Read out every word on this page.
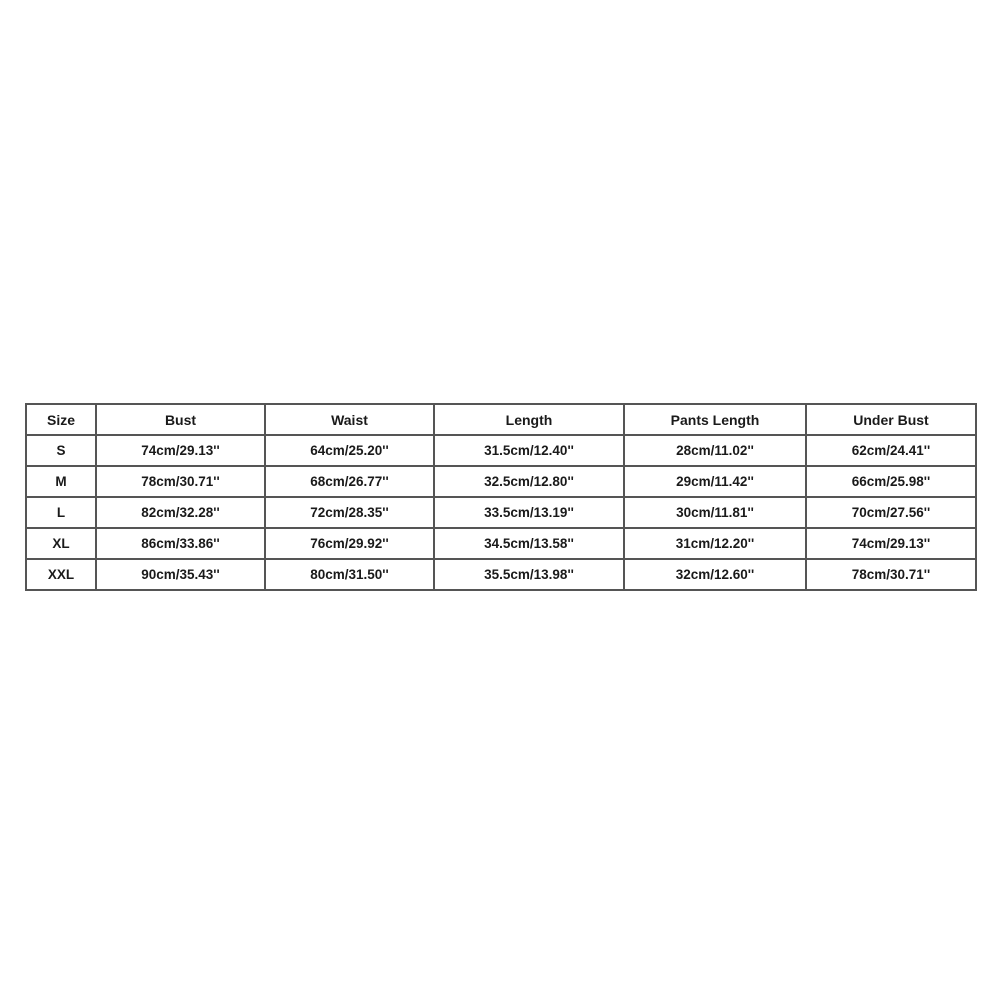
Size	Bust	Waist	Length	Pants Length	Under Bust
S	74cm/29.13''	64cm/25.20''	31.5cm/12.40''	28cm/11.02''	62cm/24.41''
M	78cm/30.71''	68cm/26.77''	32.5cm/12.80''	29cm/11.42''	66cm/25.98''
L	82cm/32.28''	72cm/28.35''	33.5cm/13.19''	30cm/11.81''	70cm/27.56''
XL	86cm/33.86''	76cm/29.92''	34.5cm/13.58''	31cm/12.20''	74cm/29.13''
XXL	90cm/35.43''	80cm/31.50''	35.5cm/13.98''	32cm/12.60''	78cm/30.71''
